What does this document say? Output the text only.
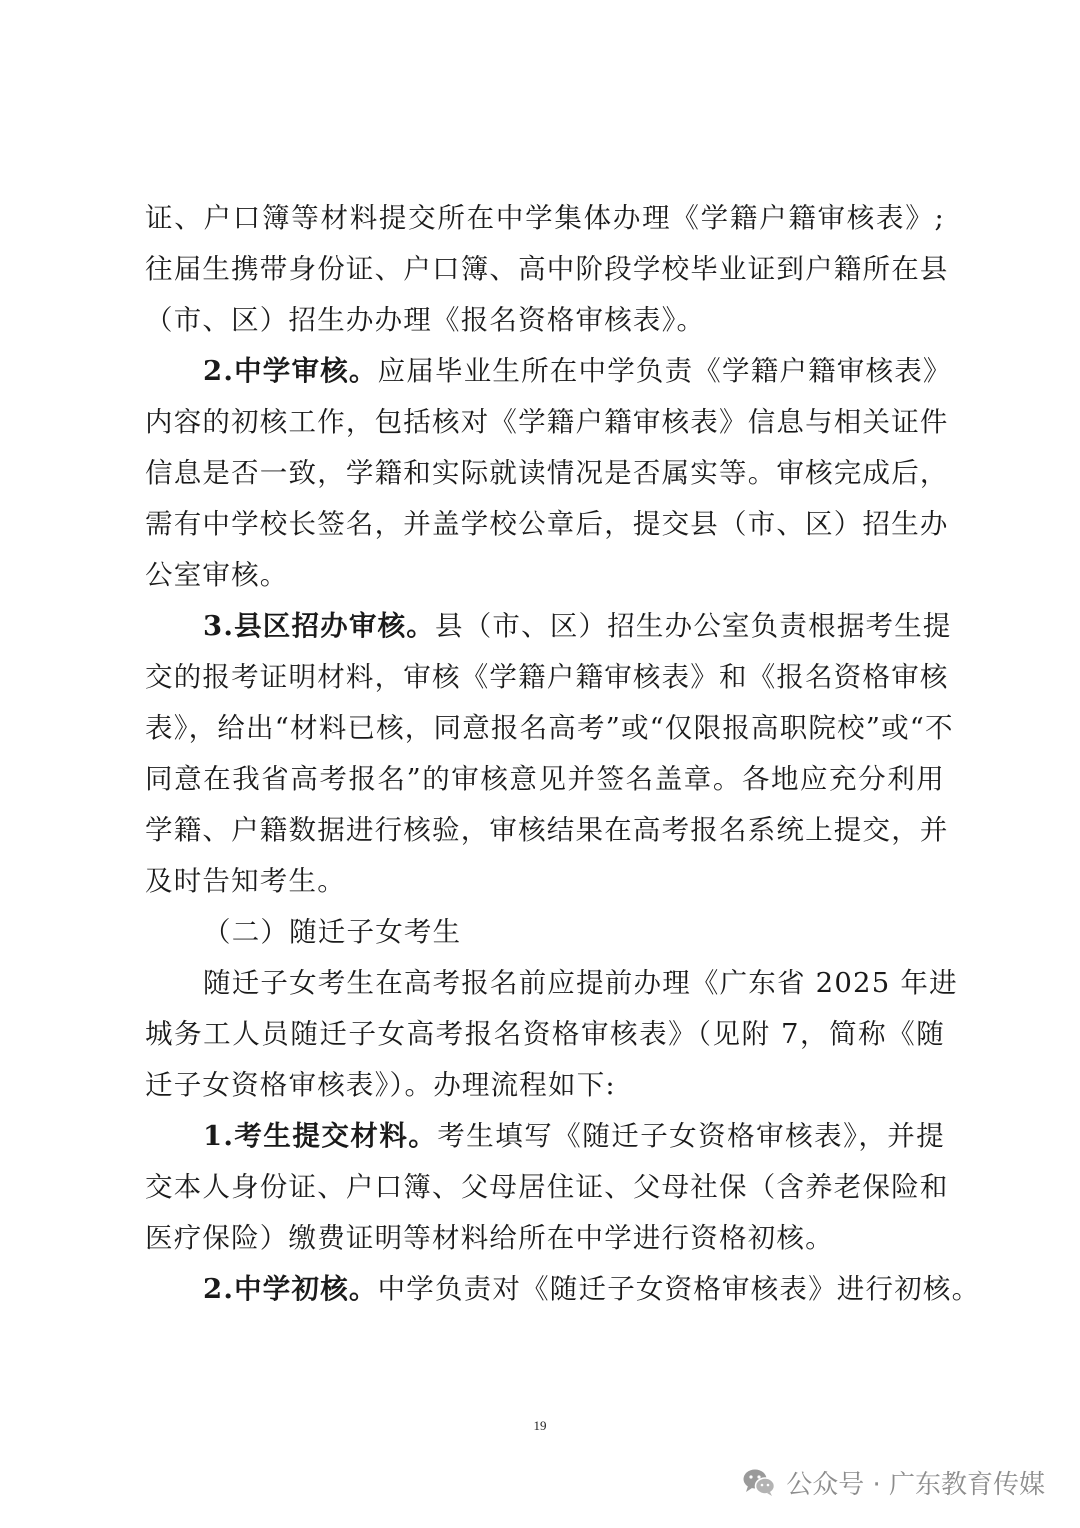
证、户口簿等材料提交所在中学集体办理《学籍户籍审核表》;
往届生携带身份证、户口簿、高中阶段学校毕业证到户籍所在县
（市、区）招生办办理《报名资格审核表》。
2.中学审核。应届毕业生所在中学负责《学籍户籍审核表》
内容的初核工作，包括核对《学籍户籍审核表》信息与相关证件
信息是否一致，学籍和实际就读情况是否属实等。审核完成后，
需有中学校长签名，并盖学校公章后，提交县（市、区）招生办
公室审核。
3.县区招办审核。县（市、区）招生办公室负责根据考生提
交的报考证明材料，审核《学籍户籍审核表》和《报名资格审核
表》，给出“材料已核，同意报名高考”或“仅限报高职院校”或“不
同意在我省高考报名”的审核意见并签名盖章。各地应充分利用
学籍、户籍数据进行核验，审核结果在高考报名系统上提交，并
及时告知考生。
（二）随迁子女考生
随迁子女考生在高考报名前应提前办理《广东省 2025 年进
城务工人员随迁子女高考报名资格审核表》（见附 7，简称《随
迁子女资格审核表》）。办理流程如下:
1.考生提交材料。考生填写《随迁子女资格审核表》，并提
交本人身份证、户口簿、父母居住证、父母社保（含养老保险和
医疗保险）缴费证明等材料给所在中学进行资格初核。
2.中学初核。中学负责对《随迁子女资格审核表》进行初核。
19
公众号 · 广东教育传媒
